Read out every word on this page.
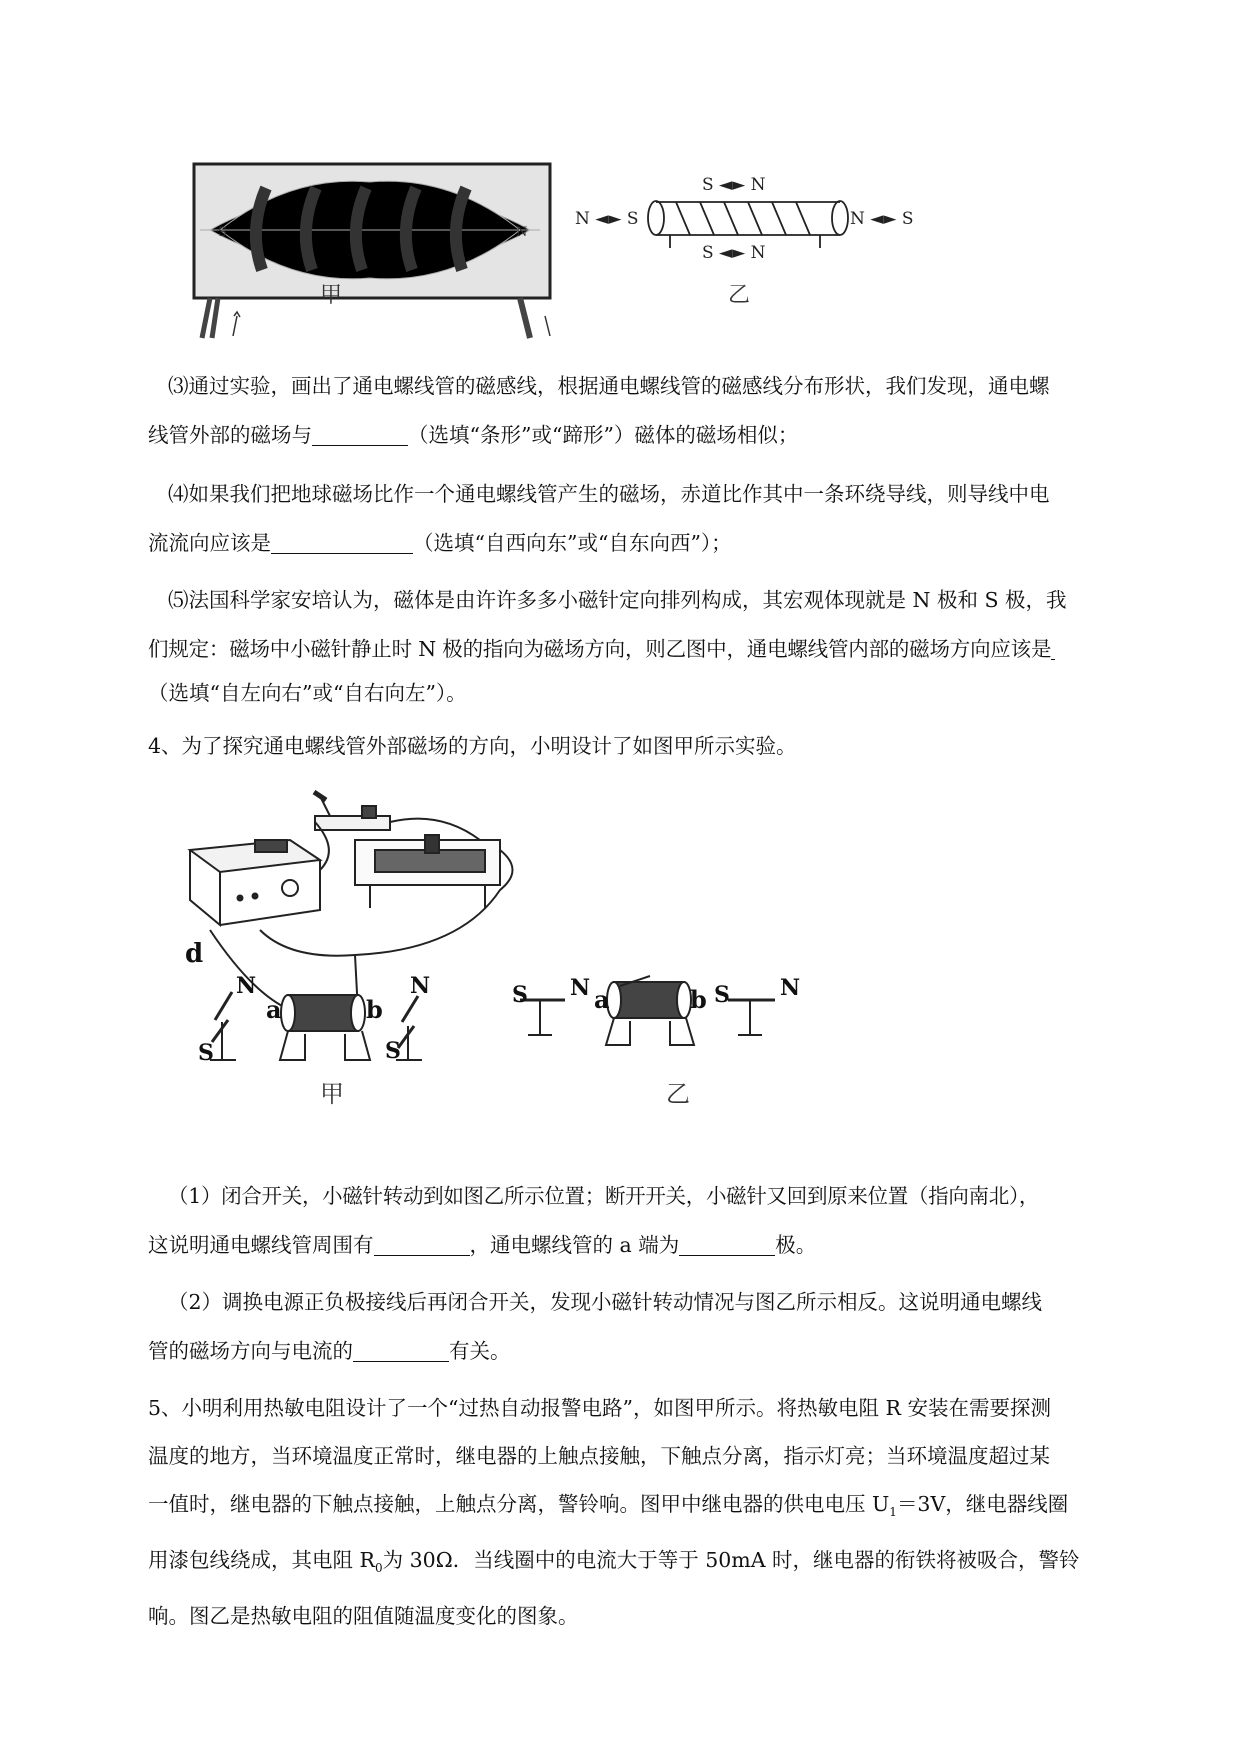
S	N
甲
S ◄► N
S ◄► N
N ◄► S	N ◄► S
乙
⑶通过实验，画出了通电螺线管的磁感线，根据通电螺线管的磁感线分布形状，我们发现，通电螺
线管外部的磁场与	（选填“条形”或“蹄形”）磁体的磁场相似；
⑷如果我们把地球磁场比作一个通电螺线管产生的磁场，赤道比作其中一条环绕导线，则导线中电
流流向应该是	（选填“自西向东”或“自东向西”）；
⑸法国科学家安培认为，磁体是由许许多多小磁针定向排列构成，其宏观体现就是 N 极和 S 极，我
们规定：磁场中小磁针静止时 N 极的指向为磁场方向，则乙图中，通电螺线管内部的磁场方向应该是
（选填“自左向右”或“自右向左”）。
4、为了探究通电螺线管外部磁场的方向，小明设计了如图甲所示实验。
d
N
S
a	b
N
S
S N a	b S N
甲	乙
（1）闭合开关，小磁针转动到如图乙所示位置；断开开关，小磁针又回到原来位置（指向南北），
这说明通电螺线管周围有	，通电螺线管的 a 端为	极。
（2）调换电源正负极接线后再闭合开关，发现小磁针转动情况与图乙所示相反。这说明通电螺线
管的磁场方向与电流的	有关。
5、小明利用热敏电阻设计了一个“过热自动报警电路”，如图甲所示。将热敏电阻 R 安装在需要探测
温度的地方，当环境温度正常时，继电器的上触点接触，下触点分离，指示灯亮；当环境温度超过某
一值时，继电器的下触点接触，上触点分离，警铃响。图甲中继电器的供电电压 $U_1=3V$，继电器线圈
用漆包线绕成，其电阻 $R_0$为 30Ω．当线圈中的电流大于等于 50mA 时，继电器的衔铁将被吸合，警铃
响。图乙是热敏电阻的阻值随温度变化的图象。
